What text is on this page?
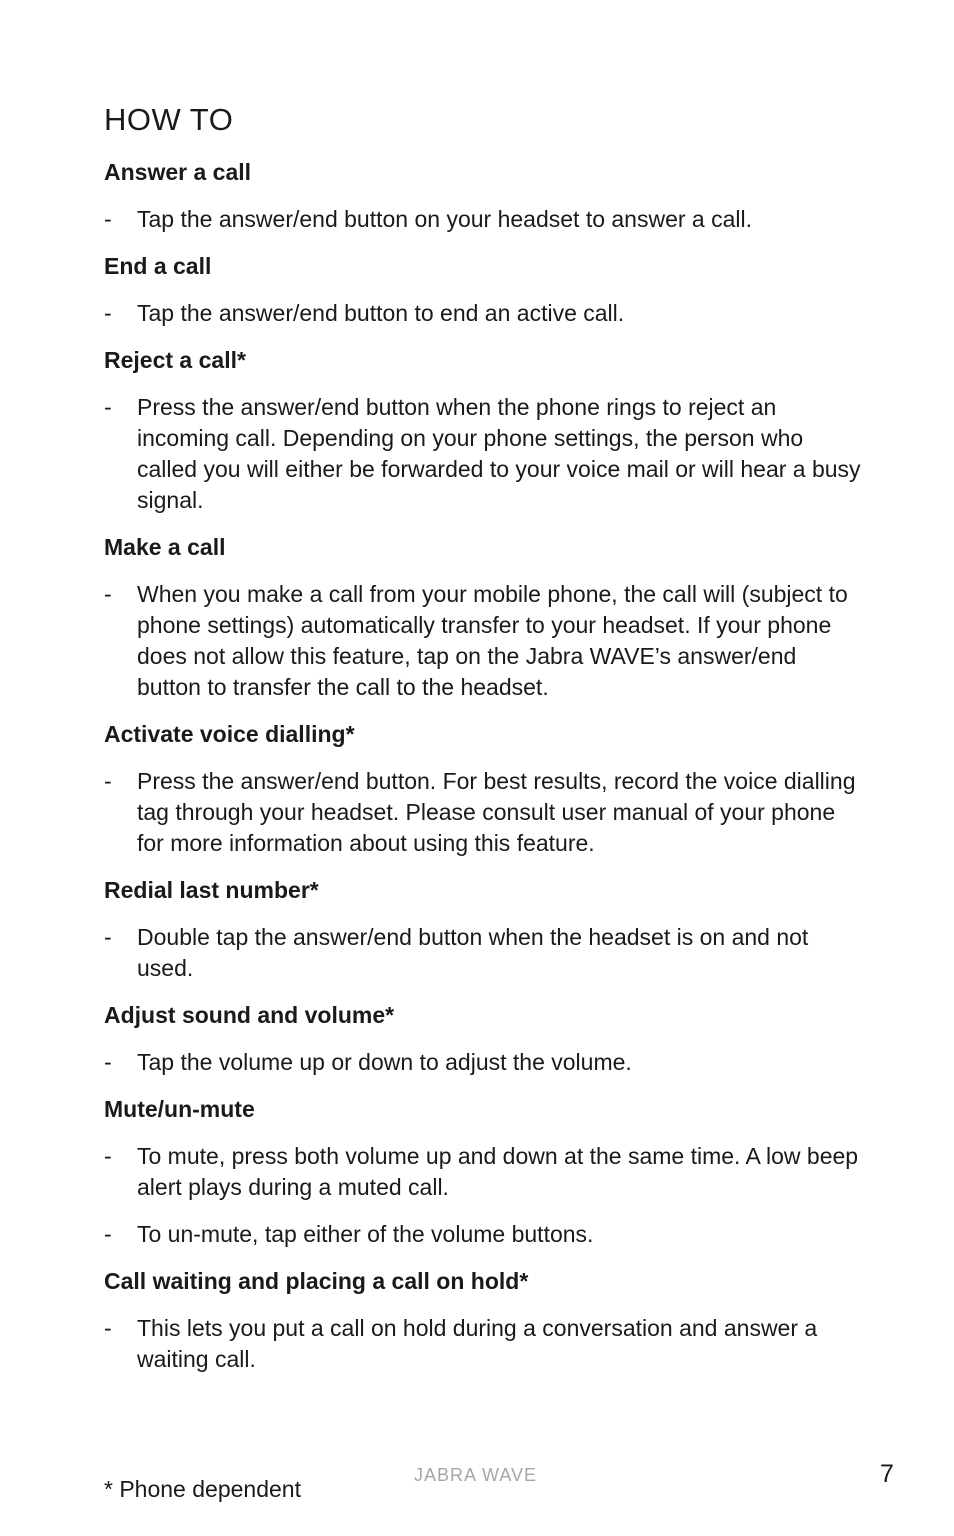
HOW TO
Answer a call
-	Tap the answer/end button on your headset to answer a call.
End a call
-	Tap the answer/end button to end an active call.
Reject a call*
-	Press the answer/end button when the phone rings to reject an incoming call. Depending on your phone settings, the person who called you will either be forwarded to your voice mail or will hear a busy signal.
Make a call
-	When you make a call from your mobile phone, the call will (subject to phone settings) automatically transfer to your headset. If your phone does not allow this feature, tap on the Jabra WAVE’s answer/end button to transfer the call to the headset.
Activate voice dialling*
-	Press the answer/end button. For best results, record the voice dialling tag through your headset. Please consult user manual of your phone for more information about using this feature.
Redial last number*
-	Double tap the answer/end button when the headset is on and not used.
Adjust sound and volume*
-	Tap the volume up or down to adjust the volume.
Mute/un-mute
-	To mute, press both volume up and down at the same time. A low beep alert plays during a muted call.
-	To un-mute, tap either of the volume buttons.
Call waiting and placing a call on hold*
-	This lets you put a call on hold during a conversation and answer a waiting call.
* Phone dependent
JABRA WAVE	7
